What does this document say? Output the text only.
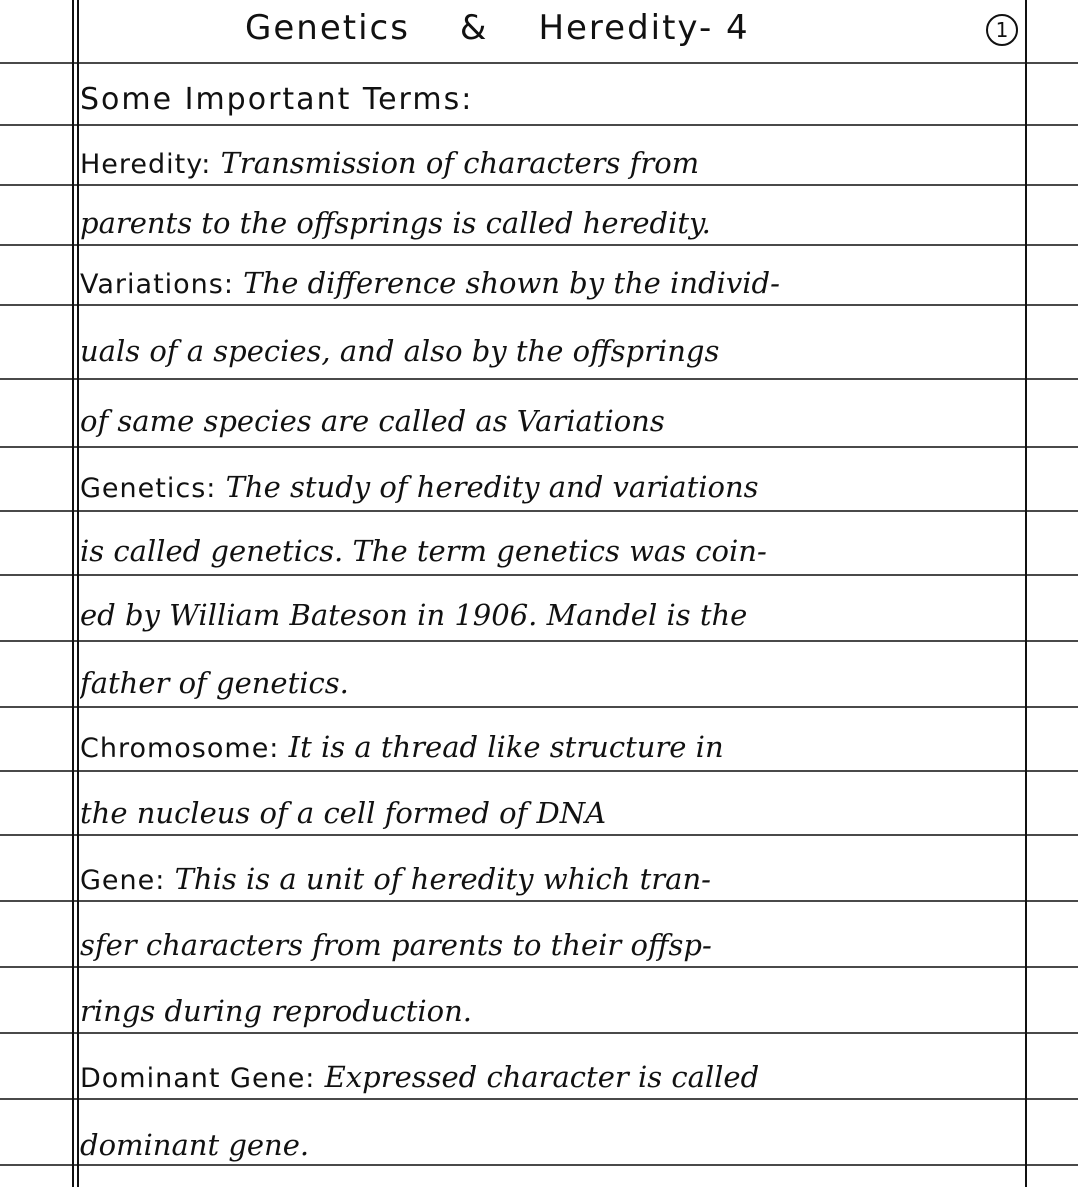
Genetics & Heredity- 4	1
Some Important Terms:
Heredity: Transmission of characters from
parents to the offsprings is called heredity.
Variations: The difference shown by the individ-
uals of a species, and also by the offsprings
of same species are called as Variations
Genetics: The study of heredity and variations
is called genetics. The term genetics was coin-
ed by William Bateson in 1906. Mandel is the
father of genetics.
Chromosome: It is a thread like structure in
the nucleus of a cell formed of DNA
Gene: This is a unit of heredity which tran-
sfer characters from parents to their offsp-
rings during reproduction.
Dominant Gene: Expressed character is called
dominant gene.
